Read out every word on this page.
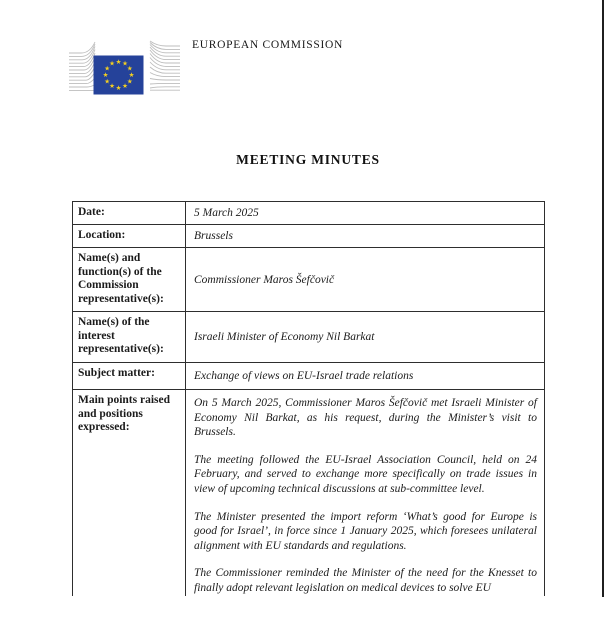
★ ★
★
★
★
★
★
★
★
★
★
★
EUROPEAN COMMISSION
MEETING MINUTES
Date:	5 March 2025
Location:	Brussels
Name(s) and function(s) of the Commission representative(s):	Commissioner Maros Šefčovič
Name(s) of the interest representative(s):	Israeli Minister of Economy Nil Barkat
Subject matter:	Exchange of views on EU-Israel trade relations
Main points raised and positions expressed:	On 5 March 2025, Commissioner Maros Šefčovič met Israeli Minister of Economy Nil Barkat, as his request, during the Minister’s visit to Brussels.

The meeting followed the EU-Israel Association Council, held on 24 February, and served to exchange more specifically on trade issues in view of upcoming technical discussions at sub-committee level.

The Minister presented the import reform ‘What’s good for Europe is good for Israel’, in force since 1 January 2025, which foresees unilateral alignment with EU standards and regulations.

The Commissioner reminded the Minister of the need for the Knesset to finally adopt relevant legislation on medical devices to solve EU
